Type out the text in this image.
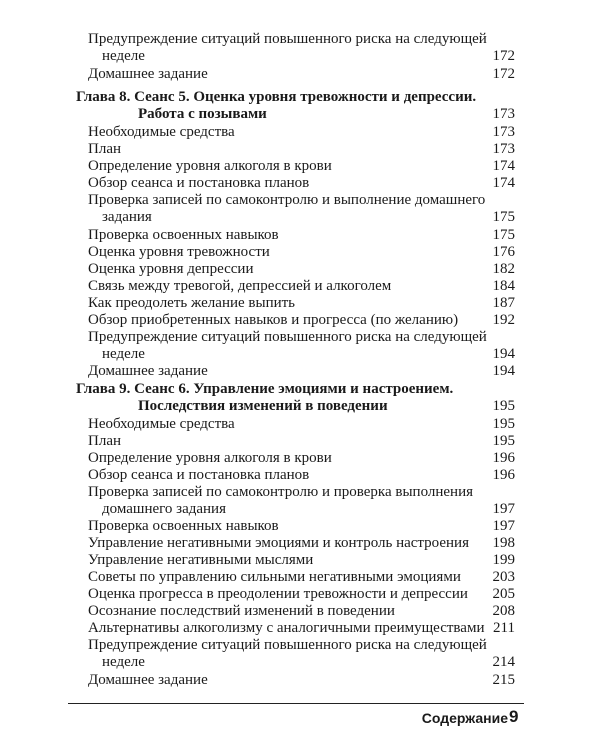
Предупреждение ситуаций повышенного риска на следующей
неделе	172
Домашнее задание	172
Глава 8. Сеанс 5. Оценка уровня тревожности и депрессии.
Работа с позывами	173
Необходимые средства	173
План	173
Определение уровня алкоголя в крови	174
Обзор сеанса и постановка планов	174
Проверка записей по самоконтролю и выполнение домашнего
задания	175
Проверка освоенных навыков	175
Оценка уровня тревожности	176
Оценка уровня депрессии	182
Связь между тревогой, депрессией и алкоголем	184
Как преодолеть желание выпить	187
Обзор приобретенных навыков и прогресса (по желанию)	192
Предупреждение ситуаций повышенного риска на следующей
неделе	194
Домашнее задание	194
Глава 9. Сеанс 6. Управление эмоциями и настроением.
Последствия изменений в поведении	195
Необходимые средства	195
План	195
Определение уровня алкоголя в крови	196
Обзор сеанса и постановка планов	196
Проверка записей по самоконтролю и проверка выполнения
домашнего задания	197
Проверка освоенных навыков	197
Управление негативными эмоциями и контроль настроения	198
Управление негативными мыслями	199
Советы по управлению сильными негативными эмоциями	203
Оценка прогресса в преодолении тревожности и депрессии	205
Осознание последствий изменений в поведении	208
Альтернативы алкоголизму с аналогичными преимуществами 211
Предупреждение ситуаций повышенного риска на следующей
неделе	214
Домашнее задание	215
Содержание 9
